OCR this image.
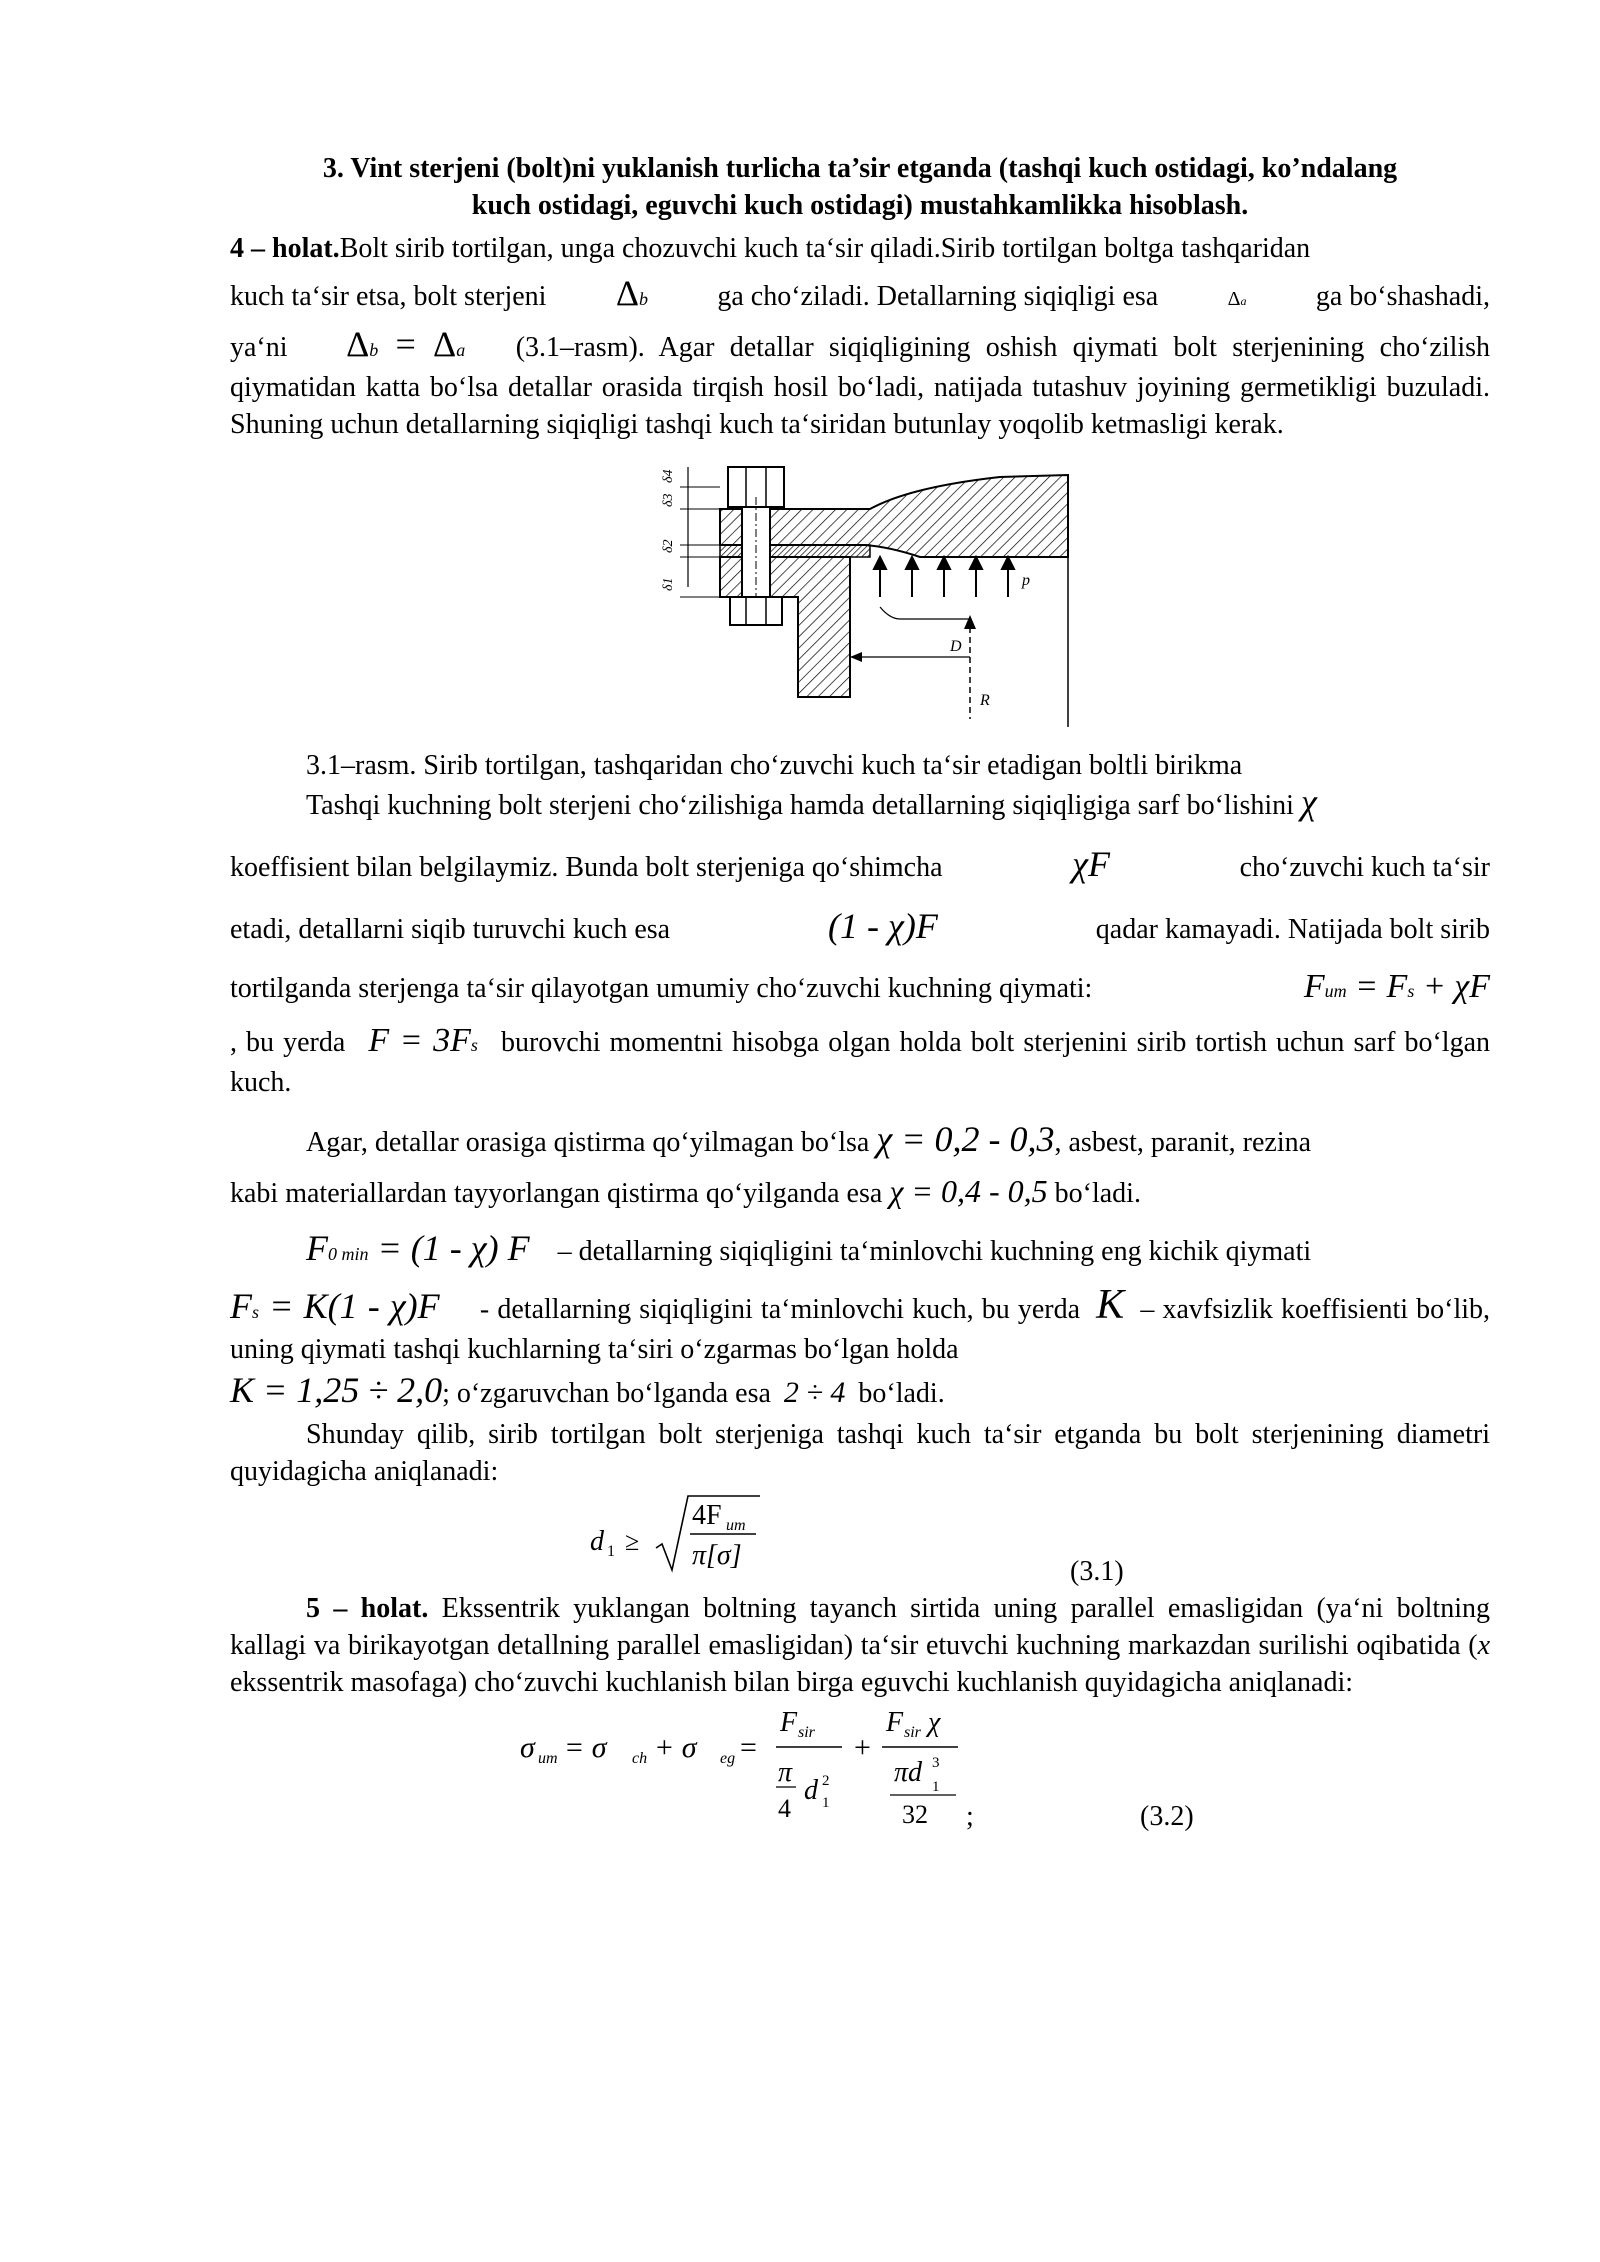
3. Vint sterjeni (bolt)ni yuklanish turlicha ta’sir etganda (tashqi kuch ostidagi, ko’ndalang
kuch ostidagi, eguvchi kuch ostidagi) mustahkamlikka hisoblash.

4 – holat.Bolt sirib tortilgan, unga chozuvchi kuch ta‘sir qiladi.Sirib tortilgan boltga tashqaridan

kuch ta‘sir etsa, bolt sterjeni Δb ga cho‘ziladi. Detallarning siqiqligi esa	Δa ga bo‘shashadi,

ya‘ni Δb = Δa (3.1–rasm). Agar detallar siqiqligining oshish qiymati bolt sterjenining cho‘zilish qiymatidan katta bo‘lsa detallar orasida tirqish hosil bo‘ladi, natijada tutashuv joyining germetikligi buzuladi. Shuning uchun detallarning siqiqligi tashqi kuch ta‘siridan butunlay yoqolib ketmasligi kerak.

δ4
δ3
δ2
δ1	p
D
R

3.1–rasm. Sirib tortilgan, tashqaridan cho‘zuvchi kuch ta‘sir etadigan boltli birikma

Tashqi kuchning bolt sterjeni cho‘zilishiga hamda detallarning siqiqligiga sarf bo‘lishini χ

koeffisient bilan belgilaymiz. Bunda bolt sterjeniga qo‘shimcha	χF	cho‘zuvchi kuch ta‘sir

etadi, detallarni siqib turuvchi kuch esa	(1 - χ)F	qadar kamayadi. Natijada bolt sirib

tortilganda sterjenga ta‘sir qilayotgan umumiy cho‘zuvchi kuchning qiymati:	Fum = Fs + χF

, bu yerda F = 3Fs burovchi momentni hisobga olgan holda bolt sterjenini sirib tortish uchun sarf bo‘lgan kuch.

Agar, detallar orasiga qistirma qo‘yilmagan bo‘lsa χ = 0,2 - 0,3, asbest, paranit, rezina

kabi materiallardan tayyorlangan qistirma qo‘yilganda esa χ = 0,4 - 0,5 bo‘ladi.

F0 min = (1 - χ) F – detallarning siqiqligini ta‘minlovchi kuchning eng kichik qiymati

Fs = K(1 - χ)F - detallarning siqiqligini ta‘minlovchi kuch, bu yerda K – xavfsizlik koeffisienti bo‘lib, uning qiymati tashqi kuchlarning ta‘siri o‘zgarmas bo‘lgan holda

K = 1,25 ÷ 2,0; o‘zgaruvchan bo‘lganda esa 2 ÷ 4 bo‘ladi.

Shunday qilib, sirib tortilgan bolt sterjeniga tashqi kuch ta‘sir etganda bu bolt sterjenining diametri quyidagicha aniqlanadi:

d 1 ≥
4F um
π[σ]
(3.1)

5 – holat. Ekssentrik yuklangan boltning tayanch sirtida uning parallel emasligidan (ya‘ni boltning kallagi va birikayotgan detallning parallel emasligidan) ta‘sir etuvchi kuchning markazdan surilishi oqibatida (x ekssentrik masofaga) cho‘zuvchi kuchlanish bilan birga eguvchi kuchlanish quyidagicha aniqlanadi:

σ um = σ ch + σ eg =
F sir
π
4
d 1
2
+
F sir χ
πd 1
3
32 ;	(3.2)
